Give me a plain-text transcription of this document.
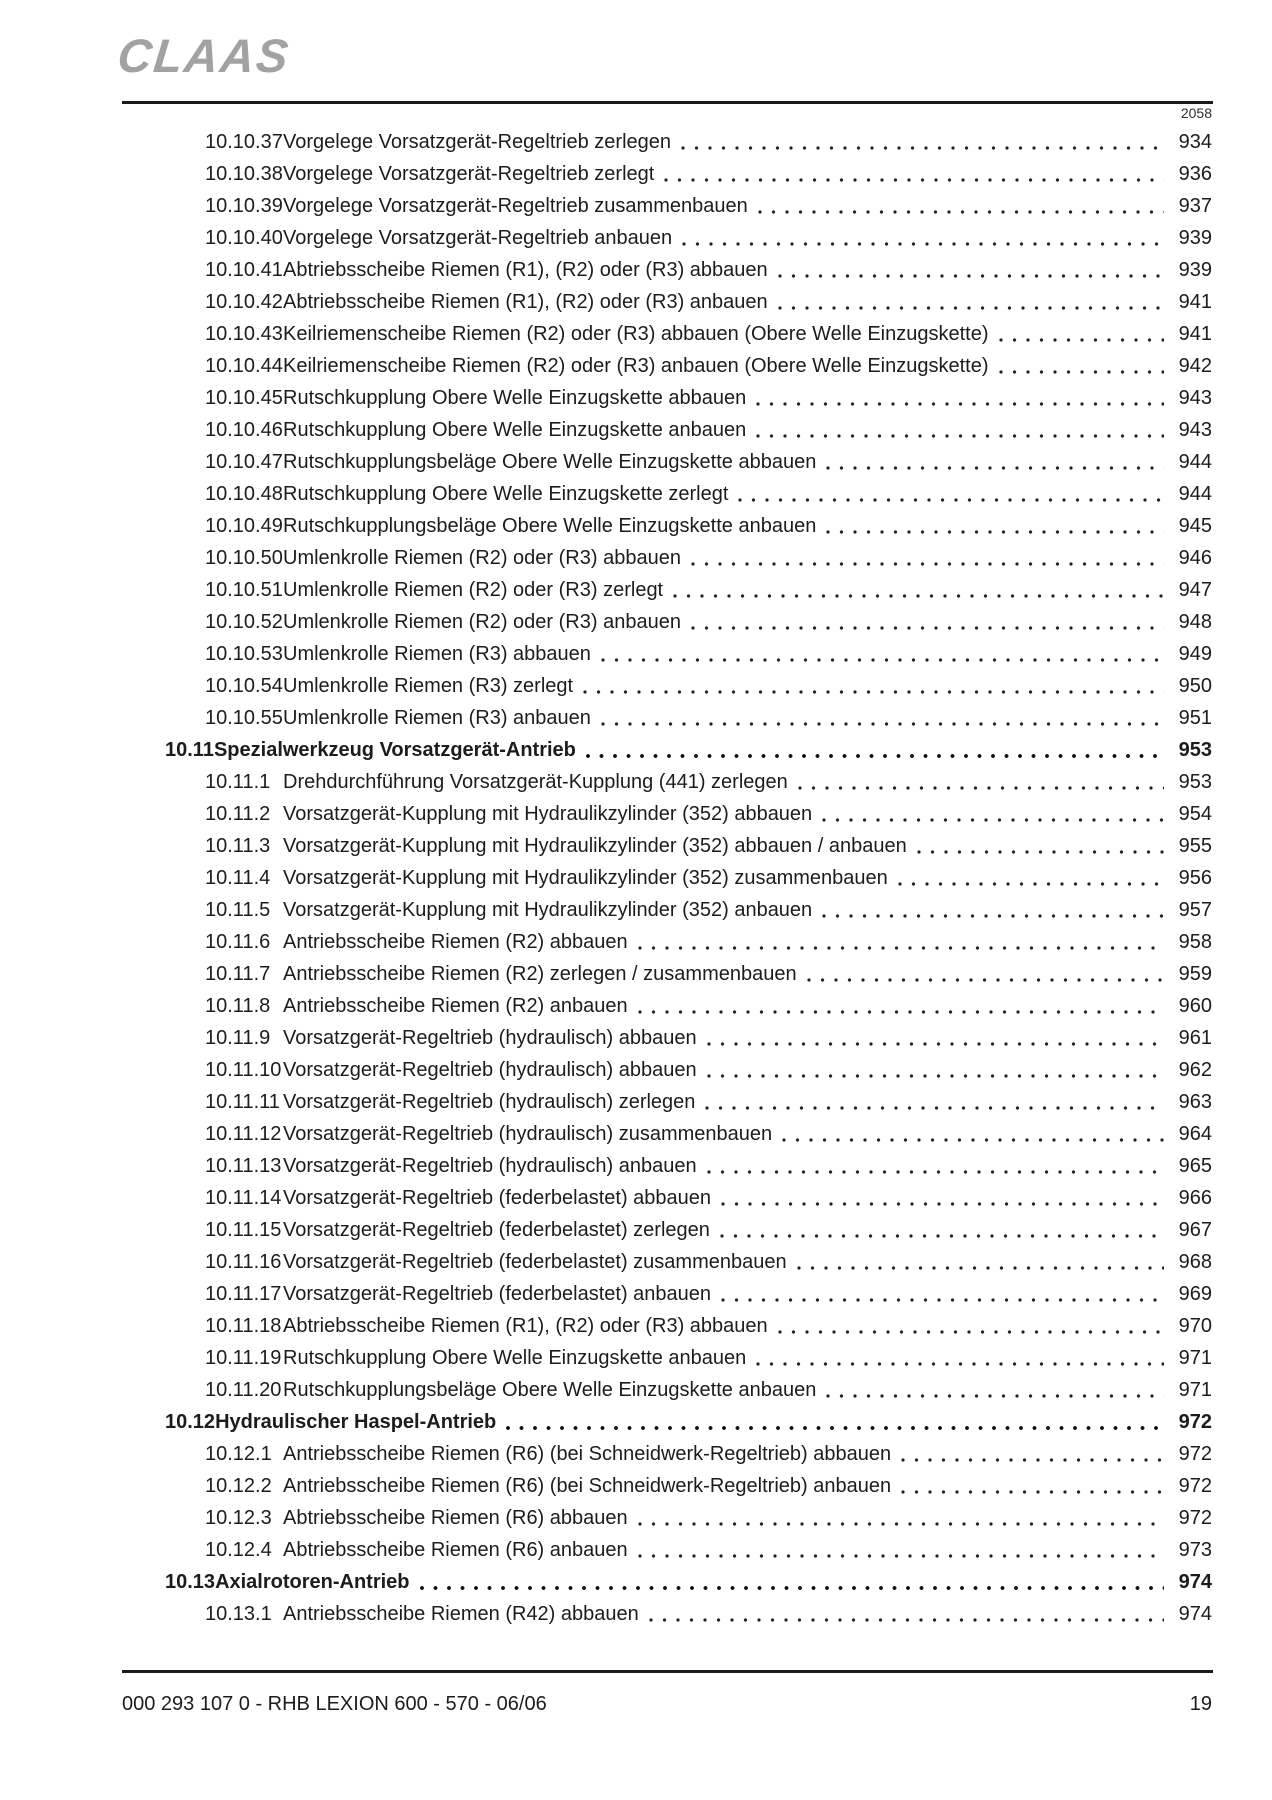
CLAAS
2058
10.10.37 Vorgelege Vorsatzgerät-Regeltrieb zerlegen	934
10.10.38 Vorgelege Vorsatzgerät-Regeltrieb zerlegt	936
10.10.39 Vorgelege Vorsatzgerät-Regeltrieb zusammenbauen	937
10.10.40 Vorgelege Vorsatzgerät-Regeltrieb anbauen	939
10.10.41 Abtriebsscheibe Riemen (R1), (R2) oder (R3) abbauen	939
10.10.42 Abtriebsscheibe Riemen (R1), (R2) oder (R3) anbauen	941
10.10.43 Keilriemenscheibe Riemen (R2) oder (R3) abbauen (Obere Welle Einzugskette)	941
10.10.44 Keilriemenscheibe Riemen (R2) oder (R3) anbauen (Obere Welle Einzugskette)	942
10.10.45 Rutschkupplung Obere Welle Einzugskette abbauen	943
10.10.46 Rutschkupplung Obere Welle Einzugskette anbauen	943
10.10.47 Rutschkupplungsbeläge Obere Welle Einzugskette abbauen	944
10.10.48 Rutschkupplung Obere Welle Einzugskette zerlegt	944
10.10.49 Rutschkupplungsbeläge Obere Welle Einzugskette anbauen	945
10.10.50 Umlenkrolle Riemen (R2) oder (R3) abbauen	946
10.10.51 Umlenkrolle Riemen (R2) oder (R3) zerlegt	947
10.10.52 Umlenkrolle Riemen (R2) oder (R3) anbauen	948
10.10.53 Umlenkrolle Riemen (R3) abbauen	949
10.10.54 Umlenkrolle Riemen (R3) zerlegt	950
10.10.55 Umlenkrolle Riemen (R3) anbauen	951
10.11 Spezialwerkzeug Vorsatzgerät-Antrieb	953
10.11.1 Drehdurchführung Vorsatzgerät-Kupplung (441) zerlegen	953
10.11.2 Vorsatzgerät-Kupplung mit Hydraulikzylinder (352) abbauen	954
10.11.3 Vorsatzgerät-Kupplung mit Hydraulikzylinder (352) abbauen / anbauen	955
10.11.4 Vorsatzgerät-Kupplung mit Hydraulikzylinder (352) zusammenbauen	956
10.11.5 Vorsatzgerät-Kupplung mit Hydraulikzylinder (352) anbauen	957
10.11.6 Antriebsscheibe Riemen (R2) abbauen	958
10.11.7 Antriebsscheibe Riemen (R2) zerlegen / zusammenbauen	959
10.11.8 Antriebsscheibe Riemen (R2) anbauen	960
10.11.9 Vorsatzgerät-Regeltrieb (hydraulisch) abbauen	961
10.11.10 Vorsatzgerät-Regeltrieb (hydraulisch) abbauen	962
10.11.11 Vorsatzgerät-Regeltrieb (hydraulisch) zerlegen	963
10.11.12 Vorsatzgerät-Regeltrieb (hydraulisch) zusammenbauen	964
10.11.13 Vorsatzgerät-Regeltrieb (hydraulisch) anbauen	965
10.11.14 Vorsatzgerät-Regeltrieb (federbelastet) abbauen	966
10.11.15 Vorsatzgerät-Regeltrieb (federbelastet) zerlegen	967
10.11.16 Vorsatzgerät-Regeltrieb (federbelastet) zusammenbauen	968
10.11.17 Vorsatzgerät-Regeltrieb (federbelastet) anbauen	969
10.11.18 Abtriebsscheibe Riemen (R1), (R2) oder (R3) abbauen	970
10.11.19 Rutschkupplung Obere Welle Einzugskette anbauen	971
10.11.20 Rutschkupplungsbeläge Obere Welle Einzugskette anbauen	971
10.12 Hydraulischer Haspel-Antrieb	972
10.12.1 Antriebsscheibe Riemen (R6) (bei Schneidwerk-Regeltrieb) abbauen	972
10.12.2 Antriebsscheibe Riemen (R6) (bei Schneidwerk-Regeltrieb) anbauen	972
10.12.3 Abtriebsscheibe Riemen (R6) abbauen	972
10.12.4 Abtriebsscheibe Riemen (R6) anbauen	973
10.13 Axialrotoren-Antrieb	974
10.13.1 Antriebsscheibe Riemen (R42) abbauen	974
000 293 107 0 - RHB LEXION 600 - 570 - 06/06	19
